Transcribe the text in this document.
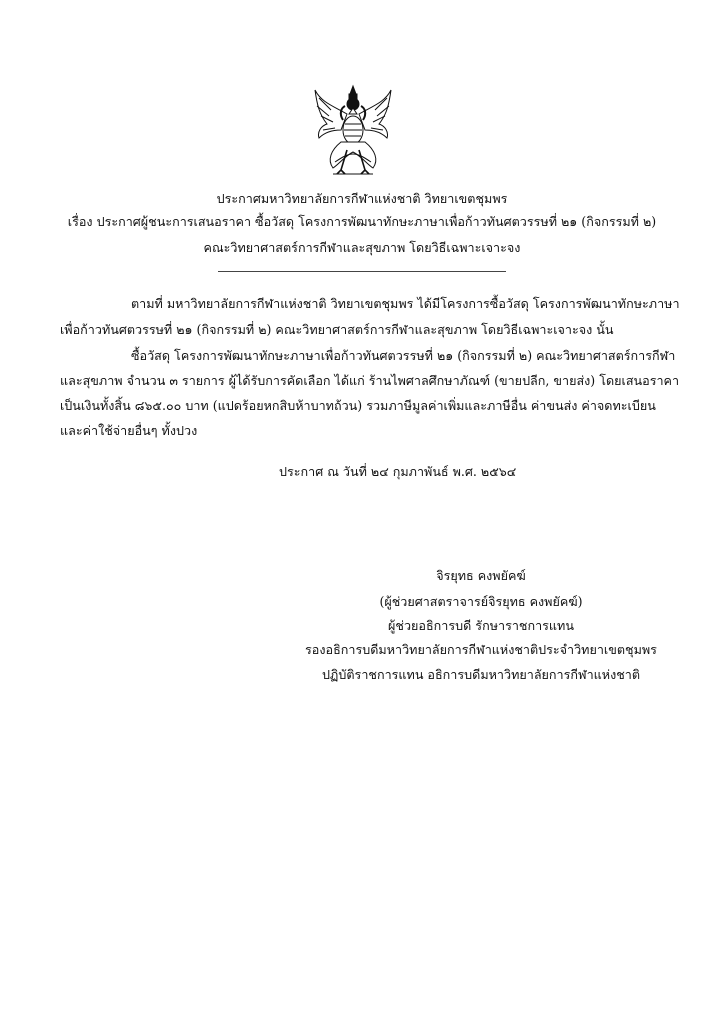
ประกาศมหาวิทยาลัยการกีฬาแห่งชาติ วิทยาเขตชุมพร
เรื่อง ประกาศผู้ชนะการเสนอราคา ซื้อวัสดุ โครงการพัฒนาทักษะภาษาเพื่อก้าวทันศตวรรษที่ ๒๑ (กิจกรรมที่ ๒)
คณะวิทยาศาสตร์การกีฬาและสุขภาพ โดยวิธีเฉพาะเจาะจง
ตามที่ มหาวิทยาลัยการกีฬาแห่งชาติ วิทยาเขตชุมพร ได้มีโครงการซื้อวัสดุ โครงการพัฒนาทักษะภาษา
เพื่อก้าวทันศตวรรษที่ ๒๑ (กิจกรรมที่ ๒) คณะวิทยาศาสตร์การกีฬาและสุขภาพ โดยวิธีเฉพาะเจาะจง นั้น
ซื้อวัสดุ โครงการพัฒนาทักษะภาษาเพื่อก้าวทันศตวรรษที่ ๒๑ (กิจกรรมที่ ๒) คณะวิทยาศาสตร์การกีฬา
และสุขภาพ จำนวน ๓ รายการ ผู้ได้รับการคัดเลือก ได้แก่ ร้านไพศาลศึกษาภัณฑ์ (ขายปลีก, ขายส่ง) โดยเสนอราคา
เป็นเงินทั้งสิ้น ๘๖๕.๐๐ บาท (แปดร้อยหกสิบห้าบาทถ้วน) รวมภาษีมูลค่าเพิ่มและภาษีอื่น ค่าขนส่ง ค่าจดทะเบียน
และค่าใช้จ่ายอื่นๆ ทั้งปวง
ประกาศ ณ วันที่ ๒๔ กุมภาพันธ์ พ.ศ. ๒๕๖๔
จิรยุทธ คงพยัคฆ์
(ผู้ช่วยศาสตราจารย์จิรยุทธ คงพยัคฆ์)
ผู้ช่วยอธิการบดี รักษาราชการแทน
รองอธิการบดีมหาวิทยาลัยการกีฬาแห่งชาติประจำวิทยาเขตชุมพร
ปฏิบัติราชการแทน อธิการบดีมหาวิทยาลัยการกีฬาแห่งชาติ
